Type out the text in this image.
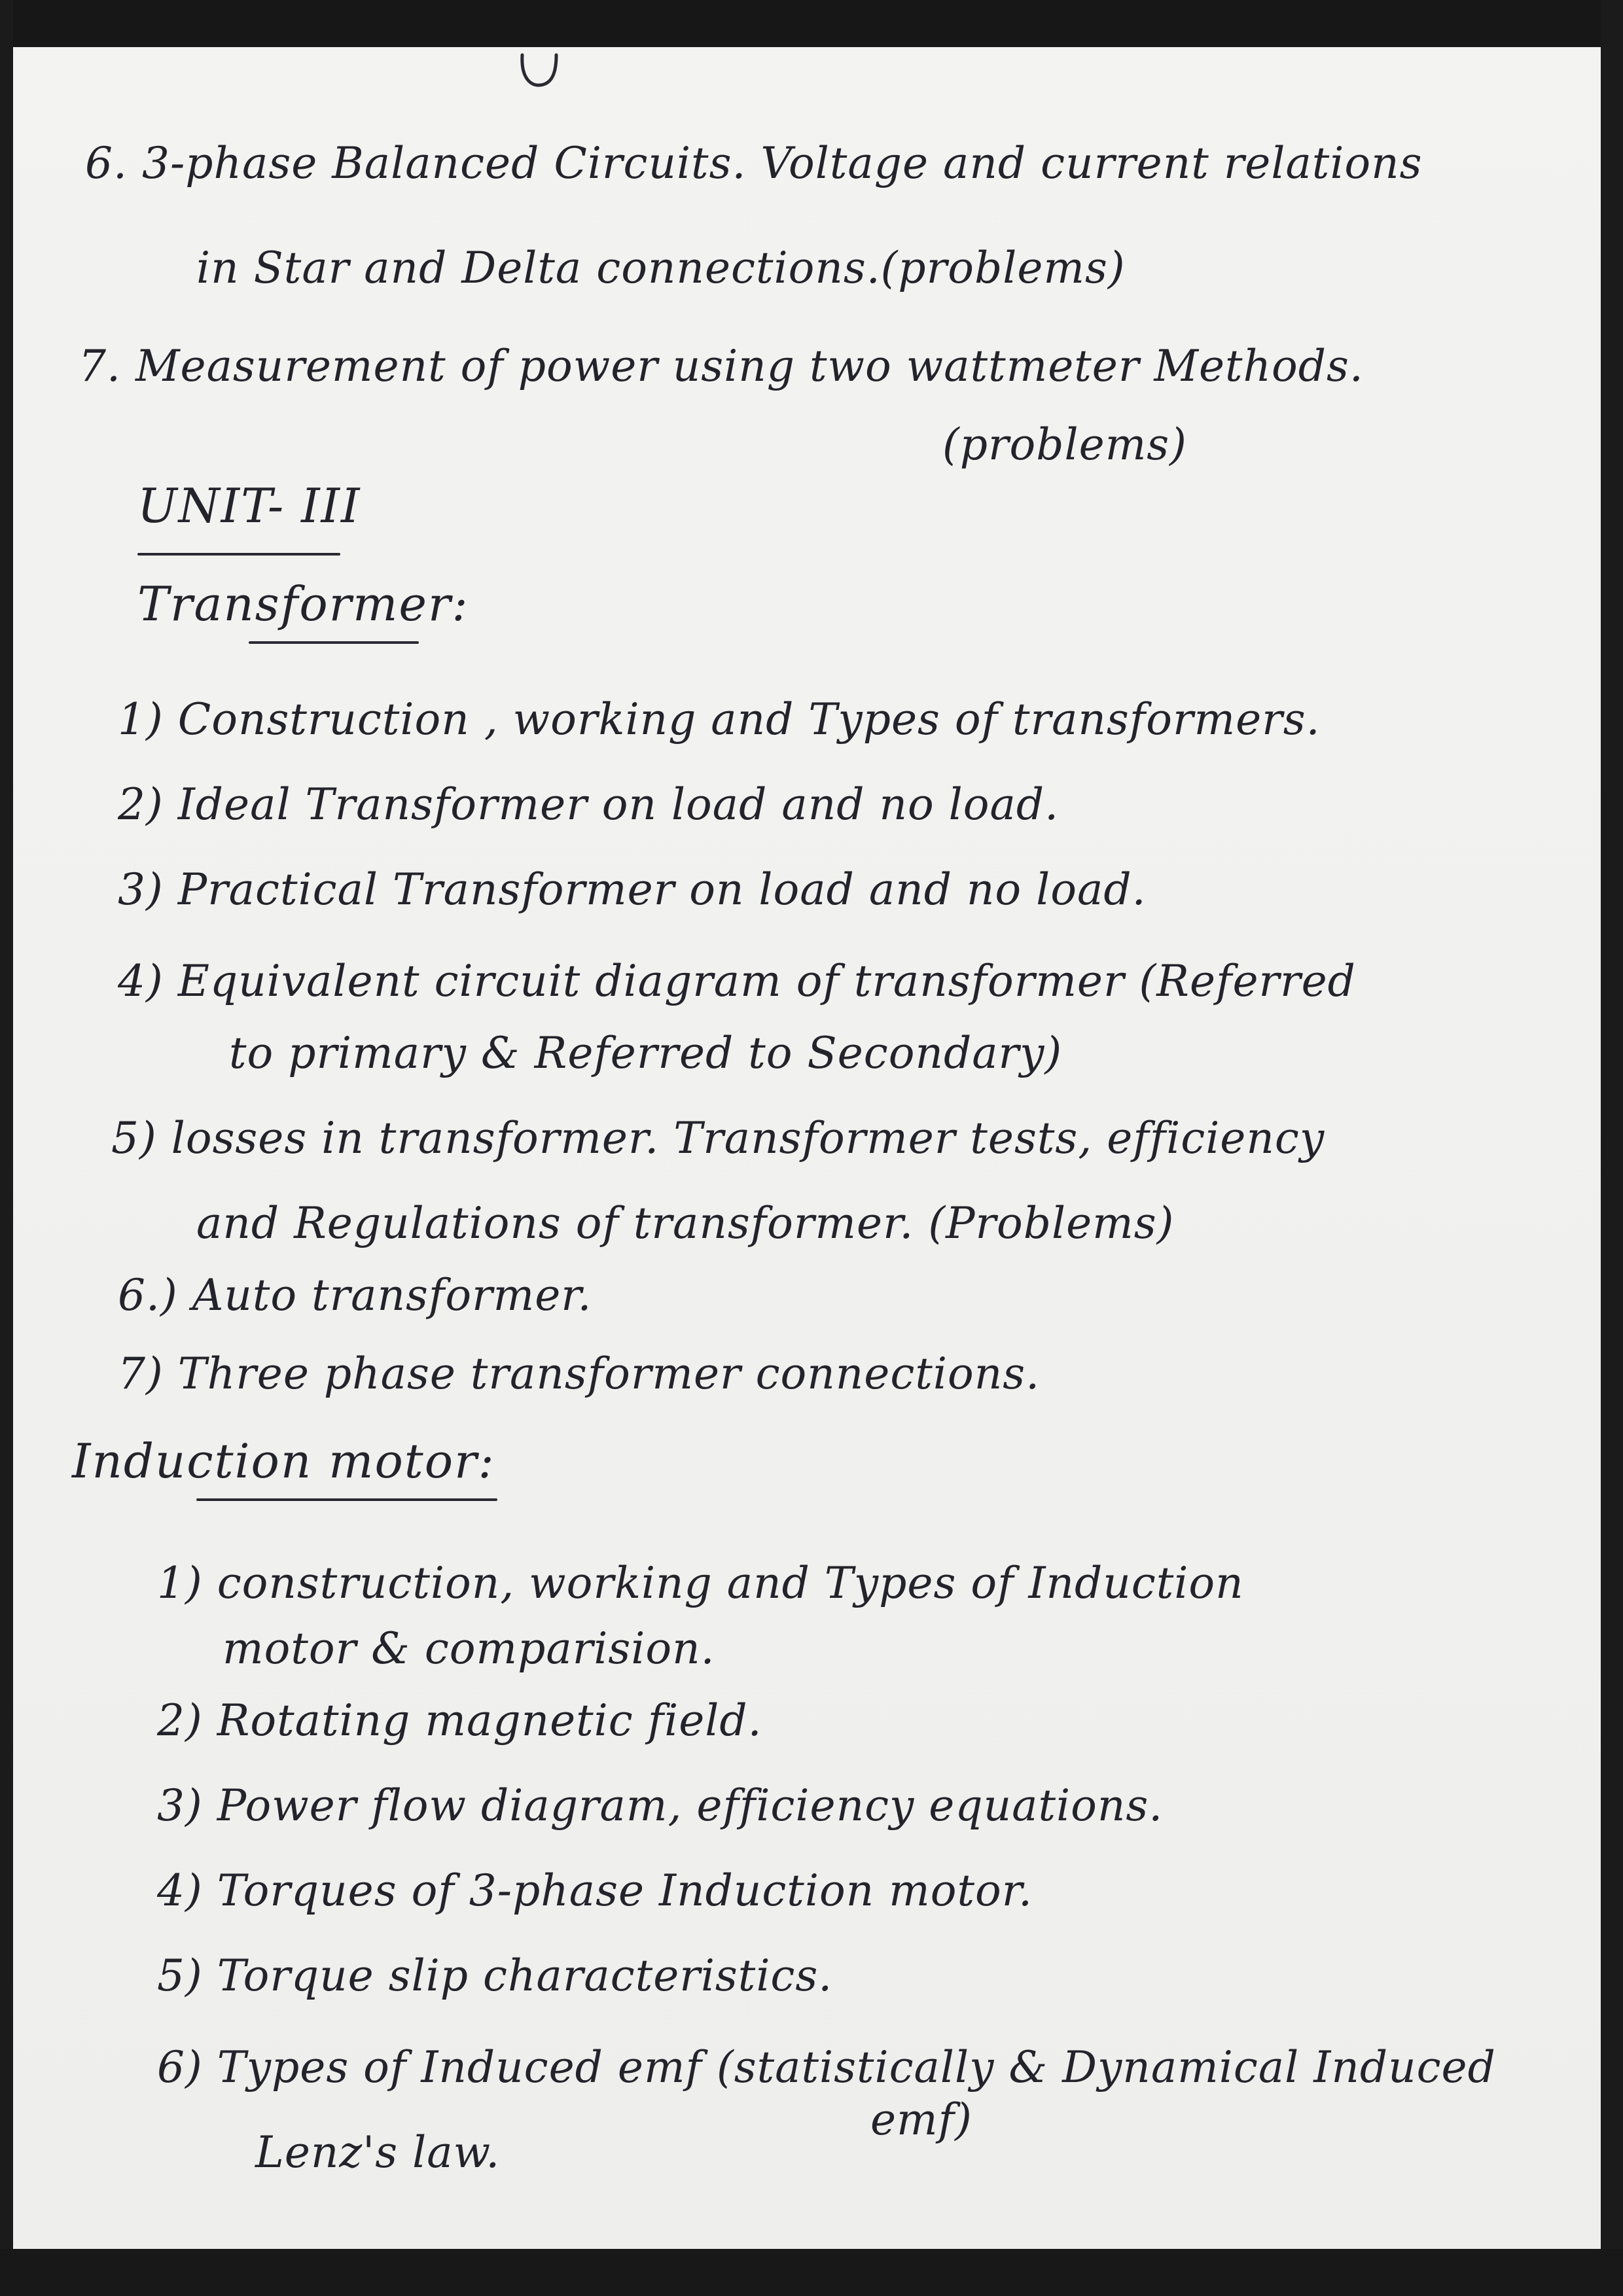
6. 3-phase Balanced Circuits. Voltage and current relations
in Star and Delta connections.(problems)
7. Measurement of power using two wattmeter Methods.
(problems)
UNIT- III
Transformer:
1) Construction , working and Types of transformers.
2) Ideal Transformer on load and no load.
3) Practical Transformer on load and no load.
4) Equivalent circuit diagram of transformer (Referred
to primary & Referred to Secondary)
5) losses in transformer. Transformer tests, efficiency
and Regulations of transformer. (Problems)
6.) Auto transformer.
7) Three phase transformer connections.
Induction motor:
1) construction, working and Types of Induction
motor & comparision.
2) Rotating magnetic field.
3) Power flow diagram, efficiency equations.
4) Torques of 3-phase Induction motor.
5) Torque slip characteristics.
6) Types of Induced emf (statistically & Dynamical Induced
emf)
Lenz's law.
